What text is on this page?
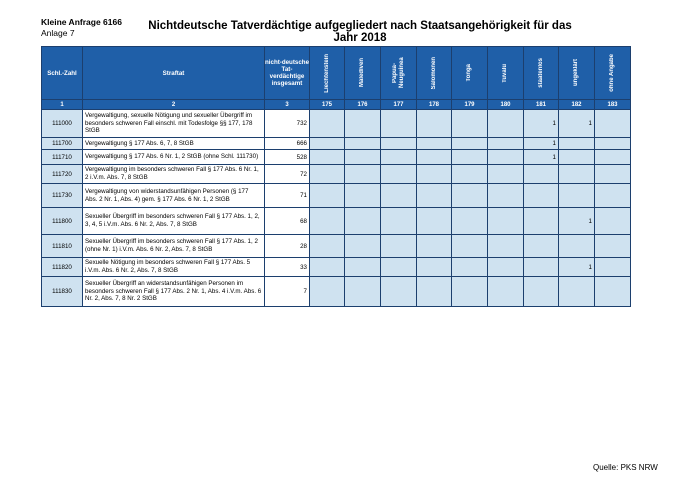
Kleine Anfrage 6166
Anlage 7
Nichtdeutsche Tatverdächtige aufgegliedert nach Staatsangehörigkeit für das Jahr 2018
Schl.-Zahl	Straftat	nicht-deutsche Tat-verdächtige insgesamt	Liechtenstein	Malediven	Papua-Neuguinea	Salomonen	Tonga	Tuvalu	staatenlos	ungeklärt	ohne Angabe

1	2	3	175	176	177	178	179	180	181	182	183
111000	Vergewaltigung, sexuelle Nötigung und sexueller Übergriff im besonders schweren Fall einschl. mit Todesfolge §§ 177, 178 StGB	732							1	1	
111700	Vergewaltigung § 177 Abs. 6, 7, 8 StGB	666							1		
111710	Vergewaltigung § 177 Abs. 6 Nr. 1, 2 StGB (ohne Schl. 111730)	528							1		
111720	Vergewaltigung im besonders schweren Fall § 177 Abs. 6 Nr. 1, 2 i.V.m. Abs. 7, 8 StGB	72									
111730	Vergewaltigung von widerstandsunfähigen Personen (§ 177 Abs. 2 Nr. 1, Abs. 4) gem. § 177 Abs. 6 Nr. 1, 2 StGB	71									
111800	Sexueller Übergriff im besonders schweren Fall § 177 Abs. 1, 2, 3, 4, 5 i.V.m. Abs. 6 Nr. 2, Abs. 7, 8 StGB	68								1	
111810	Sexueller Übergriff im besonders schweren Fall § 177 Abs. 1, 2 (ohne Nr. 1) i.V.m. Abs. 6 Nr. 2, Abs. 7, 8 StGB	28									
111820	Sexuelle Nötigung im besonders schweren Fall § 177 Abs. 5 i.V.m. Abs. 6 Nr. 2, Abs. 7, 8 StGB	33								1	
111830	Sexueller Übergriff an widerstandsunfähigen Personen im besonders schweren Fall § 177 Abs. 2 Nr. 1, Abs. 4 i.V.m. Abs. 6 Nr. 2, Abs. 7, 8 Nr. 2 StGB	7									
Quelle: PKS NRW
